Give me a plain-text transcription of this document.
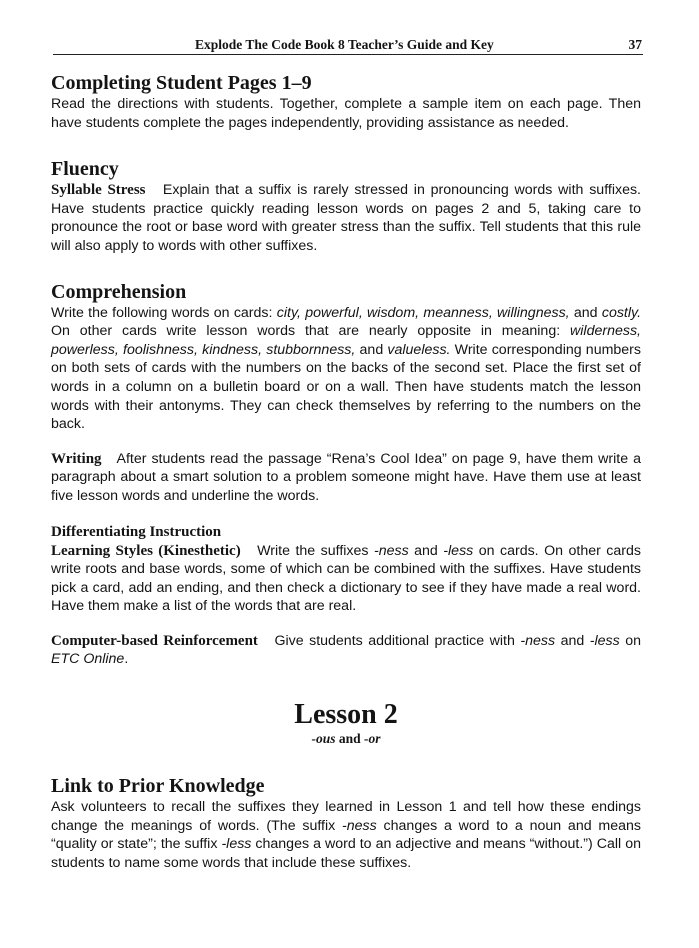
Explode The Code Book 8 Teacher’s Guide and Key	37
Completing Student Pages 1–9

Read the directions with students. Together, complete a sample item on each page. Then have students complete the pages independently, providing assistance as needed.

Fluency

Syllable Stress Explain that a suffix is rarely stressed in pronouncing words with suffixes. Have students practice quickly reading lesson words on pages 2 and 5, taking care to pronounce the root or base word with greater stress than the suffix. Tell students that this rule will also apply to words with other suffixes.

Comprehension

Write the following words on cards: city, powerful, wisdom, meanness, willingness, and costly. On other cards write lesson words that are nearly opposite in meaning: wilderness, powerless, foolishness, kindness, stubbornness, and valueless. Write corresponding numbers on both sets of cards with the numbers on the backs of the second set. Place the first set of words in a column on a bulletin board or on a wall. Then have students match the lesson words with their antonyms. They can check themselves by referring to the numbers on the back.

Writing After students read the passage “Rena’s Cool Idea” on page 9, have them write a paragraph about a smart solution to a problem someone might have. Have them use at least five lesson words and underline the words.

Differentiating Instruction

Learning Styles (Kinesthetic) Write the suffixes -ness and -less on cards. On other cards write roots and base words, some of which can be combined with the suffixes. Have students pick a card, add an ending, and then check a dictionary to see if they have made a real word. Have them make a list of the words that are real.

Computer-based Reinforcement Give students additional practice with -ness and -less on ETC Online.

Lesson 2

-ous and -or

Link to Prior Knowledge

Ask volunteers to recall the suffixes they learned in Lesson 1 and tell how these endings change the meanings of words. (The suffix -ness changes a word to a noun and means “quality or state”; the suffix -less changes a word to an adjective and means “without.”) Call on students to name some words that include these suffixes.
